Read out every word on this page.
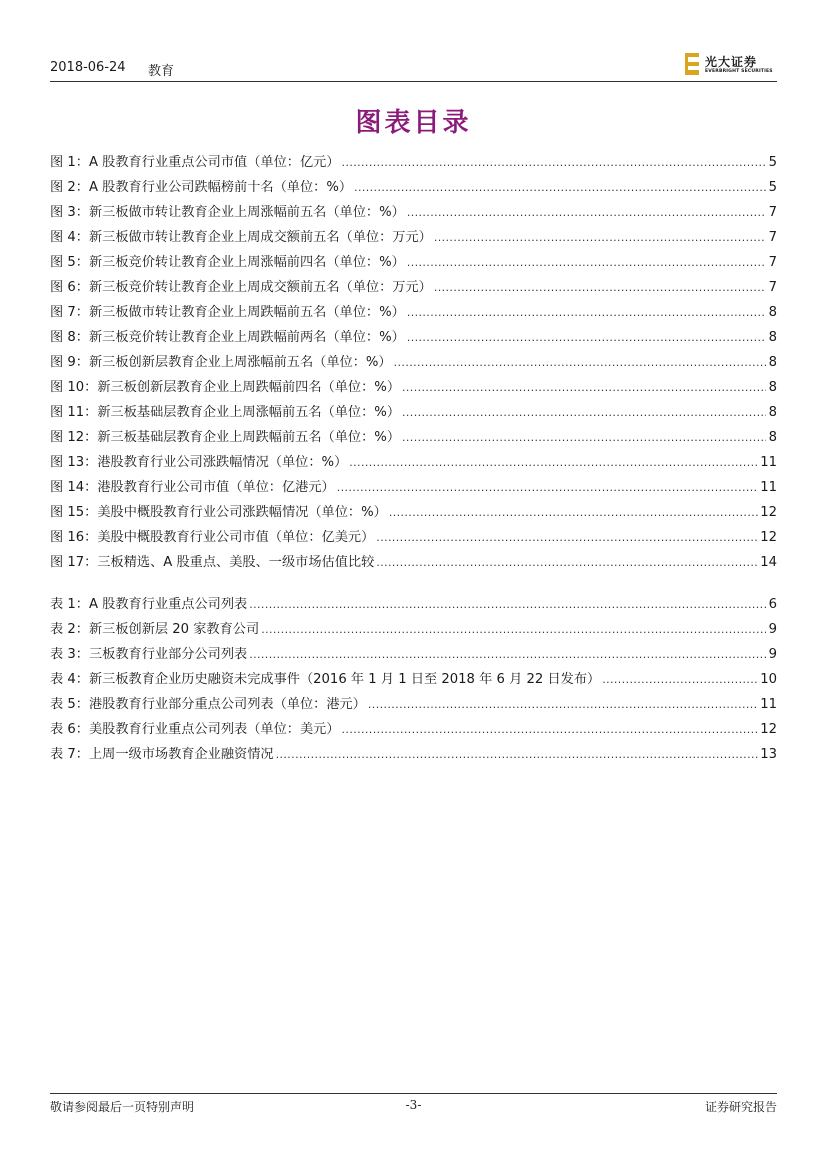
2018-06-24 教育
光大证券
EVERBRIGHT SECURITIES
图表目录
图 1：A 股教育行业重点公司市值（单位：亿元） .....	5
图 2：A 股教育行业公司跌幅榜前十名（单位：%） .....	5
图 3：新三板做市转让教育企业上周涨幅前五名（单位：%） .....	7
图 4：新三板做市转让教育企业上周成交额前五名（单位：万元） .....	7
图 5：新三板竞价转让教育企业上周涨幅前四名（单位：%） .....	7
图 6：新三板竞价转让教育企业上周成交额前五名（单位：万元） .....	7
图 7：新三板做市转让教育企业上周跌幅前五名（单位：%） .....	8
图 8：新三板竞价转让教育企业上周跌幅前两名（单位：%） .....	8
图 9：新三板创新层教育企业上周涨幅前五名（单位：%） .....	8
图 10：新三板创新层教育企业上周跌幅前四名（单位：%） .....	8
图 11：新三板基础层教育企业上周涨幅前五名（单位：%） .....	8
图 12：新三板基础层教育企业上周跌幅前五名（单位：%） .....	8
图 13：港股教育行业公司涨跌幅情况（单位：%） .....	11
图 14：港股教育行业公司市值（单位：亿港元） .....	11
图 15：美股中概股教育行业公司涨跌幅情况（单位：%） .....	12
图 16：美股中概股教育行业公司市值（单位：亿美元） .....	12
图 17：三板精选、A 股重点、美股、一级市场估值比较 .....	14
表 1：A 股教育行业重点公司列表 .....	6
表 2：新三板创新层 20 家教育公司 .....	9
表 3：三板教育行业部分公司列表 .....	9
表 4：新三板教育企业历史融资未完成事件（2016 年 1 月 1 日至 2018 年 6 月 22 日发布） .....	10
表 5：港股教育行业部分重点公司列表（单位：港元） .....	11
表 6：美股教育行业重点公司列表（单位：美元） .....	12
表 7：上周一级市场教育企业融资情况 .....	13
敬请参阅最后一页特别声明	-3-	证券研究报告
